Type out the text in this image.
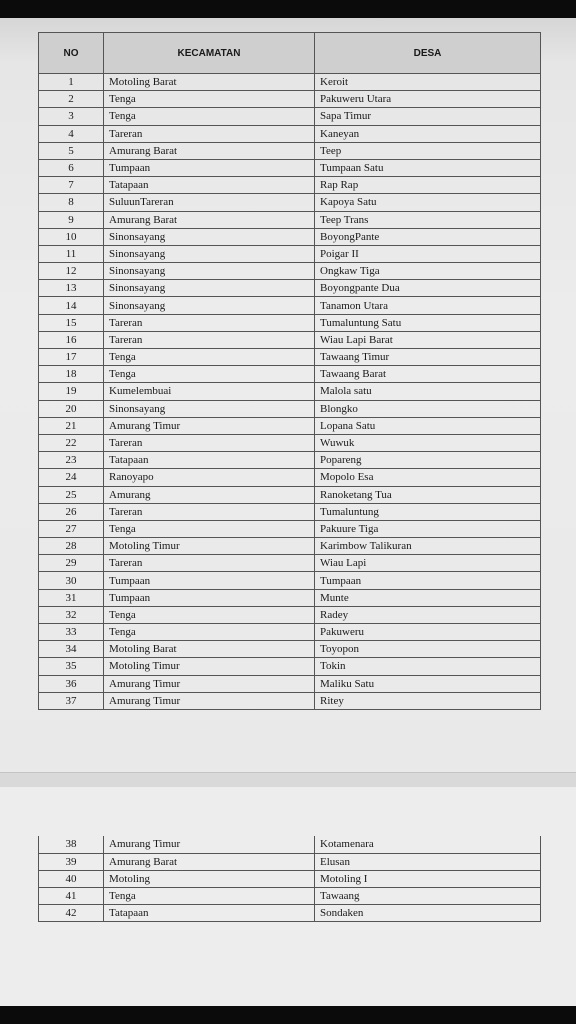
NO	KECAMATAN	DESA
1	Motoling Barat	Keroit
2	Tenga	Pakuweru Utara
3	Tenga	Sapa Timur
4	Tareran	Kaneyan
5	Amurang Barat	Teep
6	Tumpaan	Tumpaan Satu
7	Tatapaan	Rap Rap
8	SuluunTareran	Kapoya Satu
9	Amurang Barat	Teep Trans
10	Sinonsayang	BoyongPante
11	Sinonsayang	Poigar II
12	Sinonsayang	Ongkaw Tiga
13	Sinonsayang	Boyongpante Dua
14	Sinonsayang	Tanamon Utara
15	Tareran	Tumaluntung Satu
16	Tareran	Wiau Lapi Barat
17	Tenga	Tawaang Timur
18	Tenga	Tawaang Barat
19	Kumelembuai	Malola satu
20	Sinonsayang	Blongko
21	Amurang Timur	Lopana Satu
22	Tareran	Wuwuk
23	Tatapaan	Popareng
24	Ranoyapo	Mopolo Esa
25	Amurang	Ranoketang Tua
26	Tareran	Tumaluntung
27	Tenga	Pakuure Tiga
28	Motoling Timur	Karimbow Talikuran
29	Tareran	Wiau Lapi
30	Tumpaan	Tumpaan
31	Tumpaan	Munte
32	Tenga	Radey
33	Tenga	Pakuweru
34	Motoling Barat	Toyopon
35	Motoling Timur	Tokin
36	Amurang Timur	Maliku Satu
37	Amurang Timur	Ritey
38	Amurang Timur	Kotamenara
39	Amurang Barat	Elusan
40	Motoling	Motoling I
41	Tenga	Tawaang
42	Tatapaan	Sondaken
